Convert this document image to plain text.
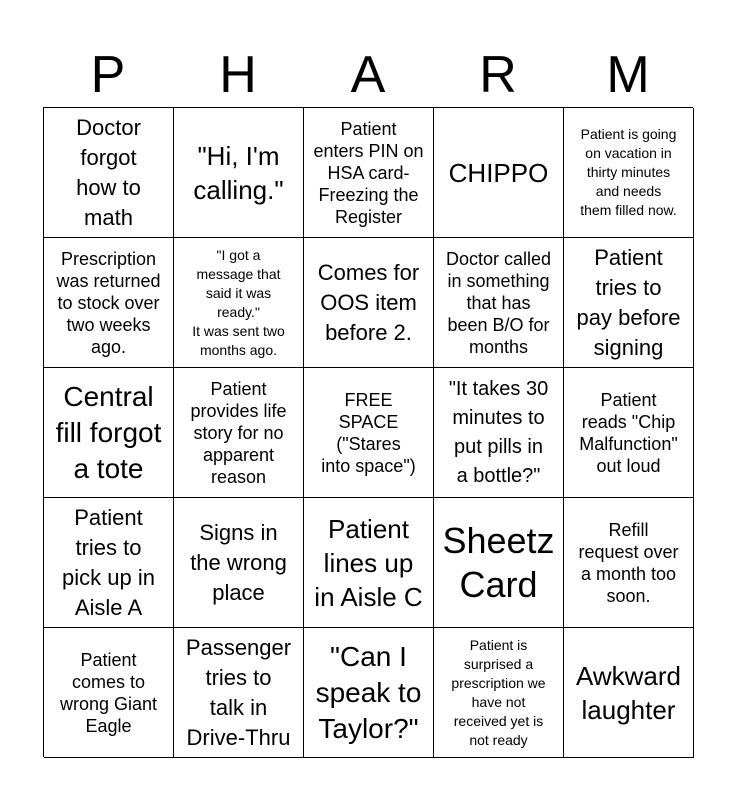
P	H	A	R	M
Doctor
forgot
how to
math
"Hi, I'm
calling."
Patient
enters PIN on
HSA card-
Freezing the
Register
CHIPPO
Patient is going
on vacation in
thirty minutes
and needs
them filled now.
Prescription
was returned
to stock over
two weeks
ago.
"I got a
message that
said it was
ready."
It was sent two
months ago.
Comes for
OOS item
before 2.
Doctor called
in something
that has
been B/O for
months
Patient
tries to
pay before
signing
Central
fill forgot
a tote
Patient
provides life
story for no
apparent
reason
FREE
SPACE
("Stares
into space")
"It takes 30
minutes to
put pills in
a bottle?"
Patient
reads "Chip
Malfunction"
out loud
Patient
tries to
pick up in
Aisle A
Signs in
the wrong
place
Patient
lines up
in Aisle C
Sheetz
Card
Refill
request over
a month too
soon.
Patient
comes to
wrong Giant
Eagle
Passenger
tries to
talk in
Drive-Thru
"Can I
speak to
Taylor?"
Patient is
surprised a
prescription we
have not
received yet is
not ready
Awkward
laughter
